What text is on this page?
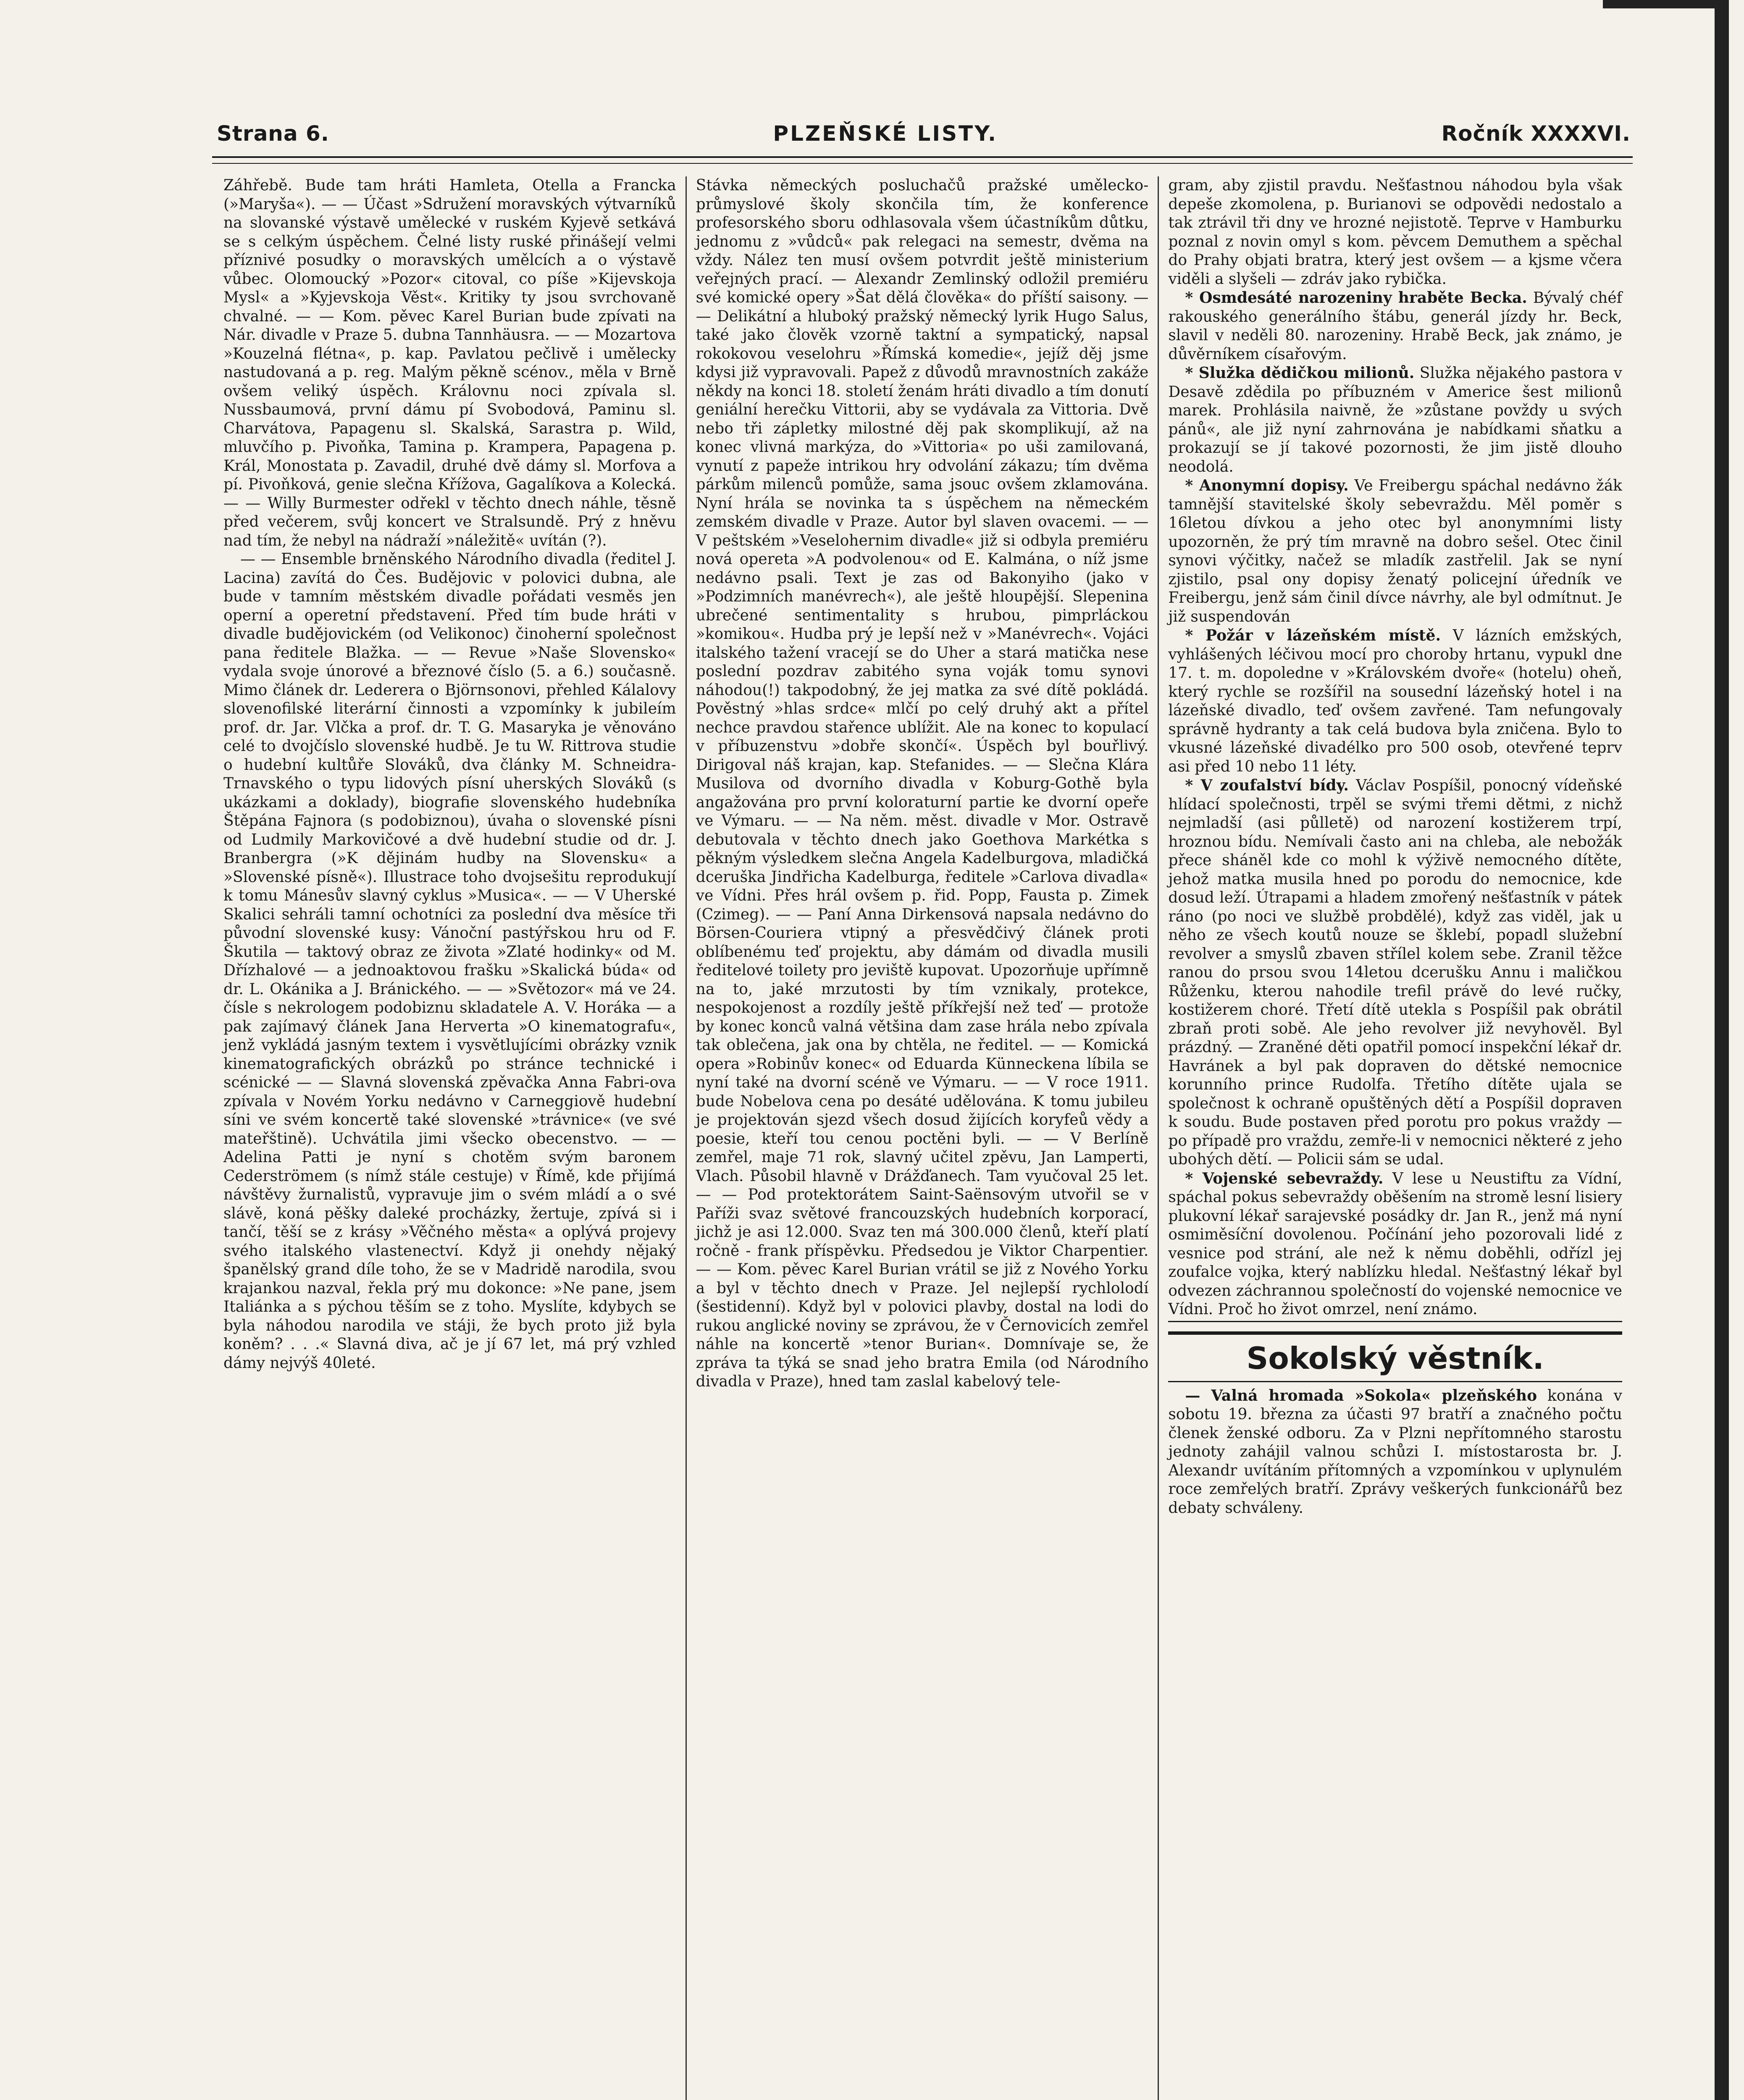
Strana 6.	PLZEŇSKÉ LISTY.	Ročník XXXXVI.

Záhřebě. Bude tam hráti Hamleta, Otella a Francka (»Maryša«). — — Účast »Sdružení moravských výtvarníků na slovanské výstavě umělecké v ruském Kyjevě setkává se s celkým úspěchem. Čelné listy ruské přinášejí velmi příznivé posudky o moravských umělcích a o výstavě vůbec. Olomoucký »Pozor« citoval, co píše »Kijevskoja Mysl« a »Kyjevskoja Věst«. Kritiky ty jsou svrchovaně chvalné. — — Kom. pěvec Karel Burian bude zpívati na Nár. divadle v Praze 5. dubna Tannhäusra. — — Mozartova »Kouzelná flétna«, p. kap. Pavlatou pečlivě i umělecky nastudovaná a p. reg. Malým pěkně scénov., měla v Brně ovšem veliký úspěch. Královnu noci zpívala sl. Nussbaumová, první dámu pí Svobodová, Paminu sl. Charvátova, Papagenu sl. Skalská, Sarastra p. Wild, mluvčího p. Pivoňka, Tamina p. Krampera, Papagena p. Král, Monostata p. Zavadil, druhé dvě dámy sl. Morfova a pí. Pivoňková, genie slečna Křížova, Gagalíkova a Kolecká. — — Willy Burmester odřekl v těchto dnech náhle, těsně před večerem, svůj koncert ve Stralsundě. Prý z hněvu nad tím, že nebyl na nádraží »náležitě« uvítán (?).

— — Ensemble brněnského Národního divadla (ředitel J. Lacina) zavítá do Čes. Budějovic v polovici dubna, ale bude v tamním městském divadle pořádati vesměs jen operní a operetní představení. Před tím bude hráti v divadle budějovickém (od Velikonoc) činoherní společnost pana ředitele Blažka. — — Revue »Naše Slovensko« vydala svoje únorové a březnové číslo (5. a 6.) současně. Mimo článek dr. Lederera o Björnsonovi, přehled Kálalovy slovenofilské literární činnosti a vzpomínky k jubileím prof. dr. Jar. Vlčka a prof. dr. T. G. Masaryka je věnováno celé to dvojčíslo slovenské hudbě. Je tu W. Rittrova studie o hudební kultůře Slováků, dva články M. Schneidra-Trnavského o typu lidových písní uherských Slováků (s ukázkami a doklady), biografie slovenského hudebníka Štěpána Fajnora (s podobiznou), úvaha o slovenské písni od Ludmily Markovičové a dvě hudební studie od dr. J. Branbergra (»K dějinám hudby na Slovensku« a »Slovenské písně«). Illustrace toho dvojsešitu reprodukují k tomu Mánesův slavný cyklus »Musica«. — — V Uherské Skalici sehráli tamní ochotníci za poslední dva měsíce tři původní slovenské kusy: Vánoční pastýřskou hru od F. Škutila — taktový obraz ze života »Zlaté hodinky« od M. Dřízhalové — a jednoaktovou frašku »Skalická búda« od dr. L. Okánika a J. Bránického. — — »Světozor« má ve 24. čísle s nekrologem podobiznu skladatele A. V. Horáka — a pak zajímavý článek Jana Herverta »O kinematografu«, jenž vykládá jasným textem i vysvětlujícími obrázky vznik kinematografických obrázků po stránce technické i scénické — — Slavná slovenská zpěvačka Anna Fabri-ova zpívala v Novém Yorku nedávno v Carneggiově hudební síni ve svém koncertě také slovenské »trávnice« (ve své mateřštině). Uchvátila jimi všecko obecenstvo. — — Adelina Patti je nyní s chotěm svým baronem Cederströmem (s nímž stále cestuje) v Římě, kde přijímá návštěvy žurnalistů, vypravuje jim o svém mládí a o své slávě, koná pěšky daleké procházky, žertuje, zpívá si i tančí, těší se z krásy »Věčného města« a oplývá projevy svého italského vlastenectví. Když ji onehdy nějaký španělský grand díle toho, že se v Madridě narodila, svou krajankou nazval, řekla prý mu dokonce: »Ne pane, jsem Italiánka a s pýchou těším se z toho. Myslíte, kdybych se byla náhodou narodila ve stáji, že bych proto již byla koněm? . . .« Slavná diva, ač je jí 67 let, má prý vzhled dámy nejvýš 40leté.

Stávka německých posluchačů pražské umělecko-průmyslové školy skončila tím, že konference profesorského sboru odhlasovala všem účastníkům důtku, jednomu z »vůdců« pak relegaci na semestr, dvěma na vždy. Nález ten musí ovšem potvrdit ještě ministerium veřejných prací. — Alexandr Zemlinský odložil premiéru své komické opery »Šat dělá člověka« do příští saisony. — — Delikátní a hluboký pražský německý lyrik Hugo Salus, také jako člověk vzorně taktní a sympatický, napsal rokokovou veselohru »Římská komedie«, jejíž děj jsme kdysi již vypravovali. Papež z důvodů mravnostních zakáže někdy na konci 18. století ženám hráti divadlo a tím donutí geniální herečku Vittorii, aby se vydávala za Vittoria. Dvě nebo tři zápletky milostné děj pak skomplikují, až na konec vlivná markýza, do »Vittoria« po uši zamilovaná, vynutí z papeže intrikou hry odvolání zákazu; tím dvěma párkům milenců pomůže, sama jsouc ovšem zklamována. Nyní hrála se novinka ta s úspěchem na německém zemském divadle v Praze. Autor byl slaven ovacemi. — — V peštském »Veselohernim divadle« již si odbyla premiéru nová opereta »A podvolenou« od E. Kalmána, o níž jsme nedávno psali. Text je zas od Bakonyiho (jako v »Podzimních manévrech«), ale ještě hloupější. Slepenina ubrečené sentimentality s hrubou, pimprláckou »komikou«. Hudba prý je lepší než v »Manévrech«. Vojáci italského tažení vracejí se do Uher a stará matička nese poslední pozdrav zabitého syna voják tomu synovi náhodou(!) takpodobný, že jej matka za své dítě pokládá. Pověstný »hlas srdce« mlčí po celý druhý akt a přítel nechce pravdou stařence ublížit. Ale na konec to kopulací v příbuzenstvu »dobře skončí«. Úspěch byl bouřlivý. Dirigoval náš krajan, kap. Stefanides. — — Slečna Klára Musilova od dvorního divadla v Koburg-Gothě byla angažována pro první koloraturní partie ke dvorní opeře ve Výmaru. — — Na něm. měst. divadle v Mor. Ostravě debutovala v těchto dnech jako Goethova Markétka s pěkným výsledkem slečna Angela Kadelburgova, mladičká dceruška Jindřicha Kadelburga, ředitele »Carlova divadla« ve Vídni. Přes hrál ovšem p. řid. Popp, Fausta p. Zimek (Czimeg). — — Paní Anna Dirkensová napsala nedávno do Börsen-Couriera vtipný a přesvědčivý článek proti oblíbenému teď projektu, aby dámám od divadla musili ředitelové toilety pro jeviště kupovat. Upozorňuje upřímně na to, jaké mrzutosti by tím vznikaly, protekce, nespokojenost a rozdíly ještě příkřejší než teď — protože by konec konců valná většina dam zase hrála nebo zpívala tak oblečena, jak ona by chtěla, ne ředitel. — — Komická opera »Robinův konec« od Eduarda Künneckena líbila se nyní také na dvorní scéně ve Výmaru. — — V roce 1911. bude Nobelova cena po desáté udělována. K tomu jubileu je projektován sjezd všech dosud žijících koryfeů vědy a poesie, kteří tou cenou poctěni byli. — — V Berlíně zemřel, maje 71 rok, slavný učitel zpěvu, Jan Lamperti, Vlach. Působil hlavně v Drážďanech. Tam vyučoval 25 let. — — Pod protektorátem Saint-Saënsovým utvořil se v Paříži svaz světové francouzských hudebních korporací, jichž je asi 12.000. Svaz ten má 300.000 členů, kteří platí ročně - frank příspěvku. Předsedou je Viktor Charpentier. — — Kom. pěvec Karel Burian vrátil se již z Nového Yorku a byl v těchto dnech v Praze. Jel nejlepší rychlolodí (šestidenní). Když byl v polovici plavby, dostal na lodi do rukou anglické noviny se zprávou, že v Černovicích zemřel náhle na koncertě »tenor Burian«. Domnívaje se, že zpráva ta týká se snad jeho bratra Emila (od Národního divadla v Praze), hned tam zaslal kabelový tele-

gram, aby zjistil pravdu. Nešťastnou náhodou byla však depeše zkomolena, p. Burianovi se odpovědi nedostalo a tak ztrávil tři dny ve hrozné nejistotě. Teprve v Hamburku poznal z novin omyl s kom. pěvcem Demuthem a spěchal do Prahy objati bratra, který jest ovšem — a kjsme včera viděli a slyšeli — zdráv jako rybička.

* Osmdesáté narozeniny hraběte Becka. Bývalý chéf rakouského generálního štábu, generál jízdy hr. Beck, slavil v neděli 80. narozeniny. Hrabě Beck, jak známo, je důvěrníkem císařovým.

* Služka dědičkou milionů. Služka nějakého pastora v Desavě zdědila po příbuzném v Americe šest milionů marek. Prohlásila naivně, že »zůstane povždy u svých pánů«, ale již nyní zahrnována je nabídkami sňatku a prokazují se jí takové pozornosti, že jim jistě dlouho neodolá.

* Anonymní dopisy. Ve Freibergu spáchal nedávno žák tamnější stavitelské školy sebevraždu. Měl poměr s 16letou dívkou a jeho otec byl anonymními listy upozorněn, že prý tím mravně na dobro sešel. Otec činil synovi výčitky, načež se mladík zastřelil. Jak se nyní zjistilo, psal ony dopisy ženatý policejní úředník ve Freibergu, jenž sám činil dívce návrhy, ale byl odmítnut. Je již suspendován

* Požár v lázeňském místě. V lázních emžských, vyhlášených léčivou mocí pro choroby hrtanu, vypukl dne 17. t. m. dopoledne v »Královském dvoře« (hotelu) oheň, který rychle se rozšířil na sousední lázeňský hotel i na lázeňské divadlo, teď ovšem zavřené. Tam nefungovaly správně hydranty a tak celá budova byla zničena. Bylo to vkusné lázeňské divadélko pro 500 osob, otevřené teprv asi před 10 nebo 11 léty.

* V zoufalství bídy. Václav Pospíšil, ponocný vídeňské hlídací společnosti, trpěl se svými třemi dětmi, z nichž nejmladší (asi půlletě) od narození kostižerem trpí, hroznou bídu. Nemívali často ani na chleba, ale nebožák přece sháněl kde co mohl k výživě nemocného dítěte, jehož matka musila hned po porodu do nemocnice, kde dosud leží. Útrapami a hladem zmořený nešťastník v pátek ráno (po noci ve službě probdělé), když zas viděl, jak u něho ze všech koutů nouze se šklebí, popadl služební revolver a smyslů zbaven střílel kolem sebe. Zranil těžce ranou do prsou svou 14letou dcerušku Annu i maličkou Růženku, kterou nahodile trefil právě do levé ručky, kostižerem choré. Třetí dítě utekla s Pospíšil pak obrátil zbraň proti sobě. Ale jeho revolver již nevyhověl. Byl prázdný. — Zraněné děti opatřil pomocí inspekční lékař dr. Havránek a byl pak dopraven do dětské nemocnice korunního prince Rudolfa. Třetího dítěte ujala se společnost k ochraně opuštěných dětí a Pospíšil dopraven k soudu. Bude postaven před porotu pro pokus vraždy — po případě pro vraždu, zemře-li v nemocnici některé z jeho ubohých dětí. — Policii sám se udal.

* Vojenské sebevraždy. V lese u Neustiftu za Vídní, spáchal pokus sebevraždy oběšením na stromě lesní lisiery plukovní lékař sarajevské posádky dr. Jan R., jenž má nyní osmiměsíční dovolenou. Počínání jeho pozorovali lidé z vesnice pod strání, ale než k němu doběhli, odřízl jej zoufalce vojka, který nablízku hledal. Nešťastný lékař byl odvezen záchrannou společností do vojenské nemocnice ve Vídni. Proč ho život omrzel, není známo.

Sokolský věstník.

— Valná hromada »Sokola« plzeňského konána v sobotu 19. března za účasti 97 bratří a značného počtu členek ženské odboru. Za v Plzni nepřítomného starostu jednoty zahájil valnou schůzi I. místostarosta br. J. Alexandr uvítáním přítomných a vzpomínkou v uplynulém roce zemřelých bratří. Zprávy veškerých funkcionářů bez debaty schváleny.
